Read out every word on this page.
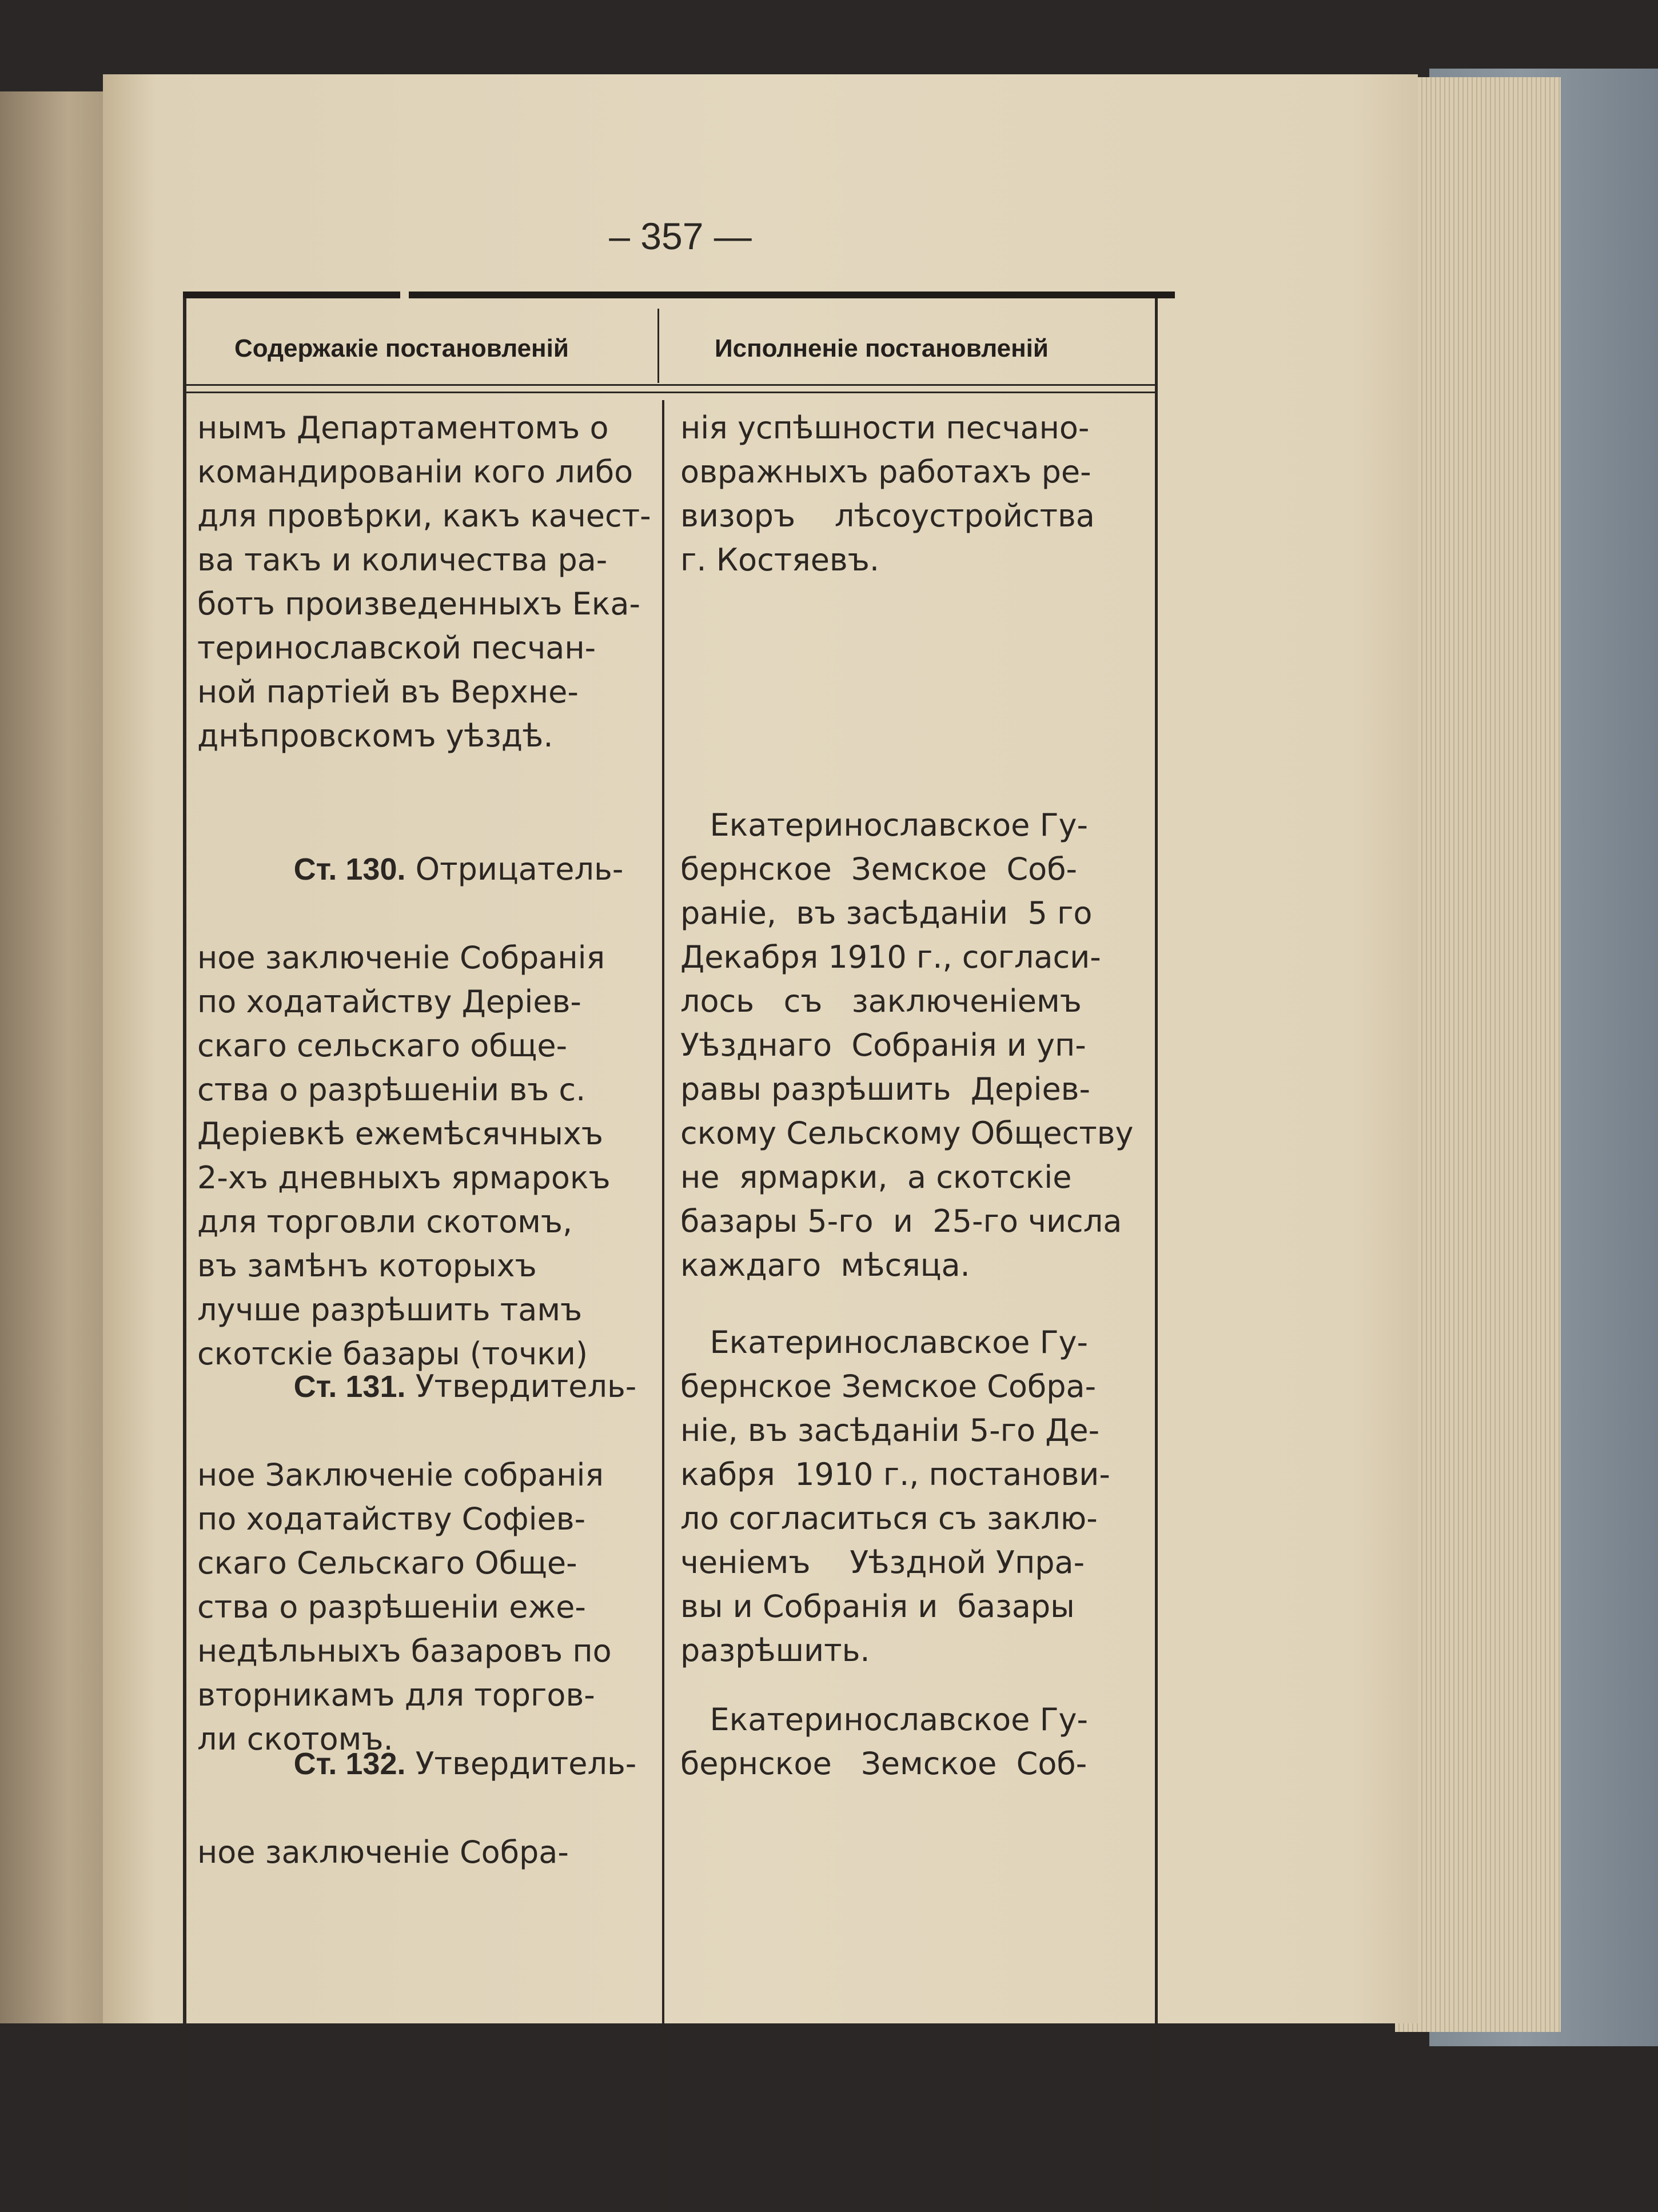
– 357 —
Содержакіе постановленій	Исполненіе постановленій
нымъ Департаментомъ о
командированіи кого либо
для провѣрки, какъ качест-
ва такъ и количества ра-
ботъ произведенныхъ Ека-
теринославской песчан-
ной партіей въ Верхне-
днѣпровскомъ уѣздѣ.

Ст. 130. Отрицатель-

ное заключеніе Собранія
по ходатайству Деріев-
скаго сельскаго обще-
ства о разрѣшеніи въ с.
Деріевкѣ ежемѣсячныхъ
2-хъ дневныхъ ярмарокъ
для торговли скотомъ,
въ замѣнъ которыхъ
лучше разрѣшить тамъ
скотскіе базары (точки)

Ст. 131. Утвердитель-

ное Заключеніе собранія
по ходатайству Софіев-
скаго Сельскаго Обще-
ства о разрѣшеніи еже-
недѣльныхъ базаровъ по
вторникамъ для торгов-
ли скотомъ.

Ст. 132. Утвердитель-

ное заключеніе Собра-
нія успѣшности песчано-
овражныхъ работахъ ре-
визоръ    лѣсоустройства
г. Костяевъ.
Екатеринославское Гу-
бернское  Земское  Соб-
раніе,  въ засѣданіи  5 го
Декабря 1910 г., согласи-
лось   съ   заключеніемъ
Уѣзднаго  Собранія и уп-
равы разрѣшить  Деріев-
скому Сельскому Обществу
не  ярмарки,  а скотскіе
базары 5-го  и  25-го числа
каждаго  мѣсяца.
Екатеринославское Гу-
бернское Земское Собра-
ніе, въ засѣданіи 5-го Де-
кабря  1910 г., постанови-
ло согласиться съ заклю-
ченіемъ    Уѣздной Упра-
вы и Собранія и  базары
разрѣшить.
Екатеринославское Гу-
бернское   Земское  Соб-
